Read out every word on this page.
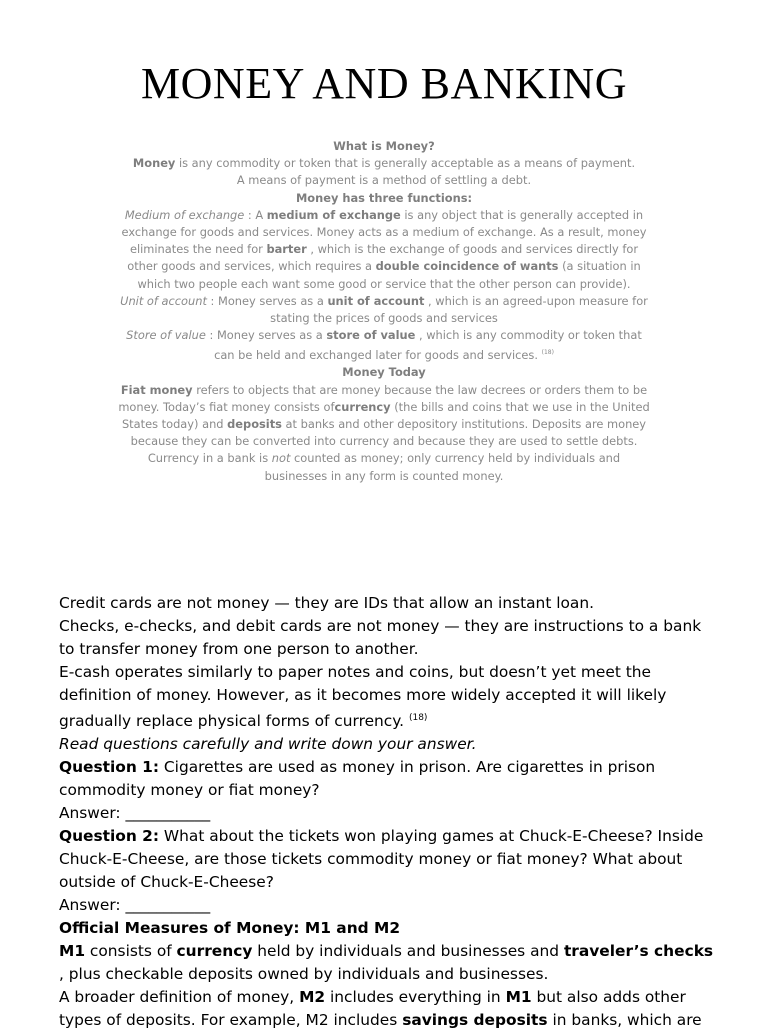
MONEY AND BANKING

What is Money?

Money is any commodity or token that is generally acceptable as a means of payment.

A means of payment is a method of settling a debt.

Money has three functions:

Medium of exchange : A medium of exchange is any object that is generally accepted in exchange for goods and services. Money acts as a medium of exchange. As a result, money eliminates the need for barter , which is the exchange of goods and services directly for other goods and services, which requires a double coincidence of wants (a situation in which two people each want some good or service that the other person can provide).

Unit of account : Money serves as a unit of account , which is an agreed-upon measure for stating the prices of goods and services

Store of value : Money serves as a store of value , which is any commodity or token that can be held and exchanged later for goods and services. $^{(18)}$

Money Today

Fiat money refers to objects that are money because the law decrees or orders them to be money. Today’s fiat money consists ofcurrency (the bills and coins that we use in the United States today) and deposits at banks and other depository institutions. Deposits are money because they can be converted into currency and because they are used to settle debts.

Currency in a bank is not counted as money; only currency held by individuals and businesses in any form is counted money.

Credit cards are not money — they are IDs that allow an instant loan.

Checks, e-checks, and debit cards are not money — they are instructions to a bank to transfer money from one person to another.

E-cash operates similarly to paper notes and coins, but doesn’t yet meet the definition of money. However, as it becomes more widely accepted it will likely gradually replace physical forms of currency. $^{(18)}$

Read questions carefully and write down your answer.

Question 1: Cigarettes are used as money in prison. Are cigarettes in prison commodity money or fiat money?

Answer: ___________

Question 2: What about the tickets won playing games at Chuck-E-Cheese? Inside Chuck-E-Cheese, are those tickets commodity money or fiat money? What about outside of Chuck-E-Cheese?

Answer: ___________

Official Measures of Money: M1 and M2

M1 consists of currency held by individuals and businesses and traveler’s checks , plus checkable deposits owned by individuals and businesses.

A broader definition of money, M2 includes everything in M1 but also adds other types of deposits. For example, M2 includes savings deposits in banks, which are
